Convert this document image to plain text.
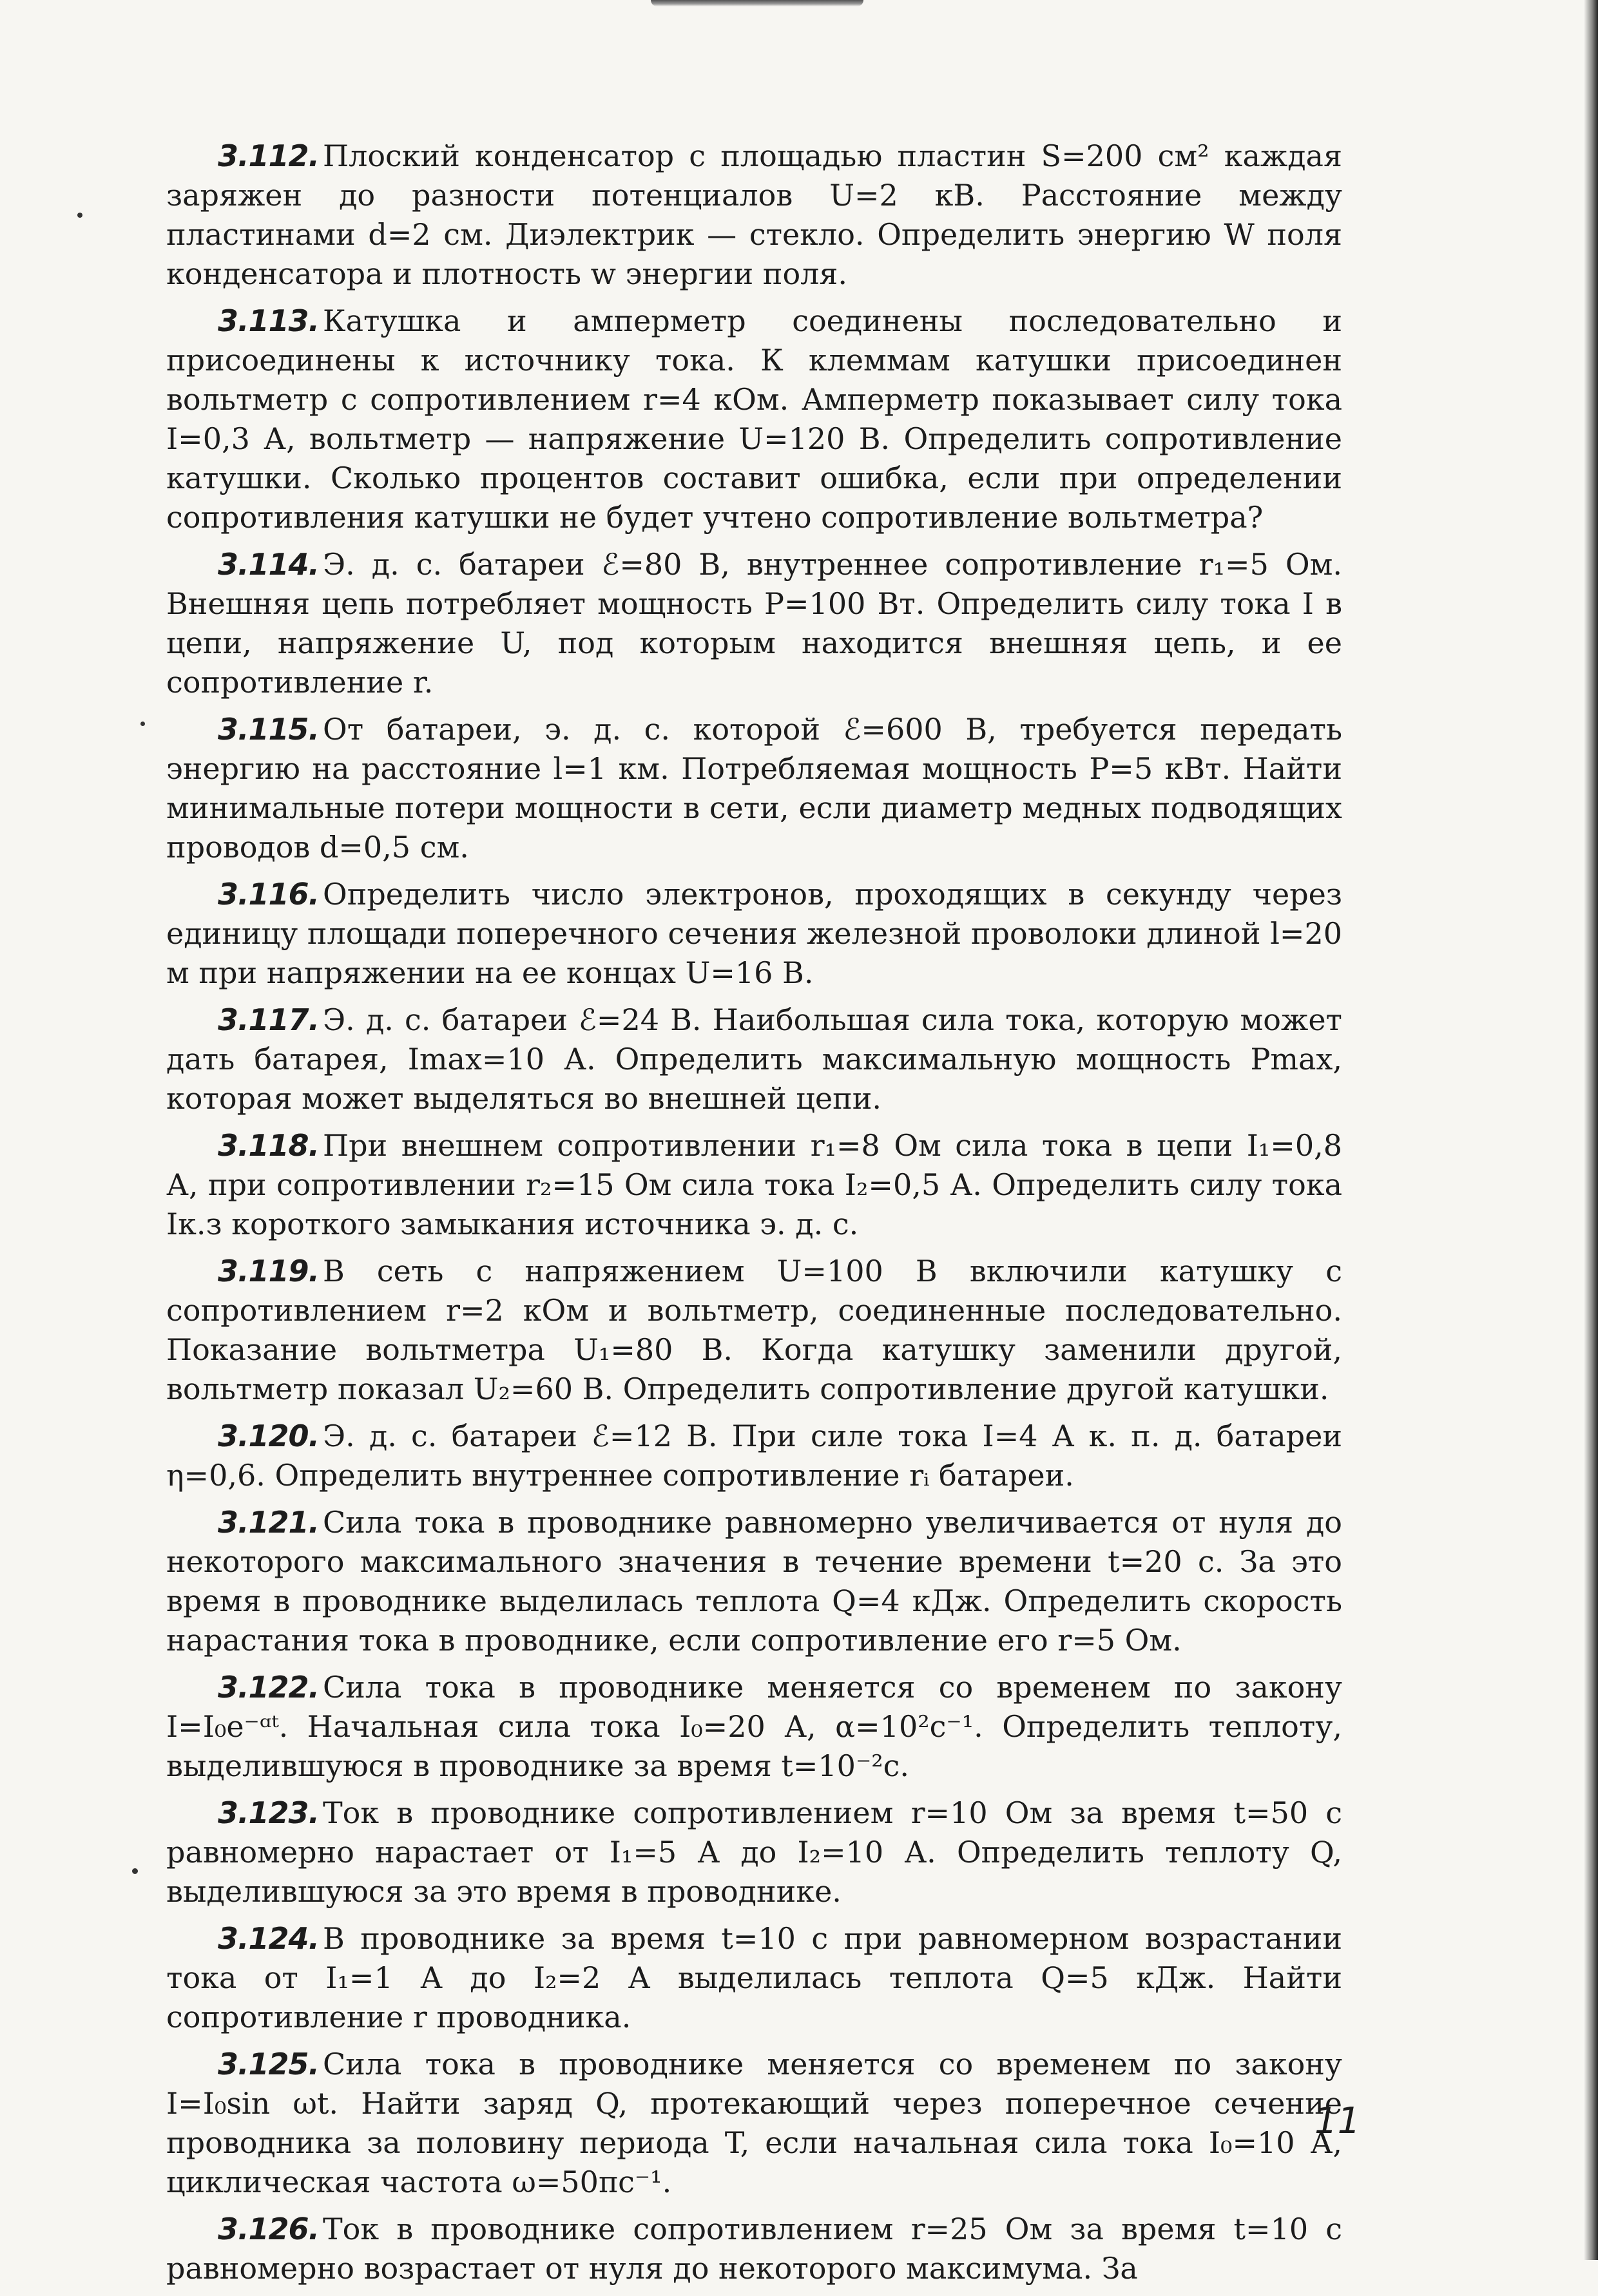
3.112. Плоский конденсатор с площадью пластин S=200 см² каждая заряжен до разности потенциалов U=2 кВ. Расстояние между пластинами d=2 см. Диэлектрик — стекло. Определить энергию W поля конденсатора и плотность w энергии поля.

3.113. Катушка и амперметр соединены последовательно и присоединены к источнику тока. К клеммам катушки присоединен вольтметр с сопротивлением r=4 кОм. Амперметр показывает силу тока I=0,3 А, вольтметр — напряжение U=120 В. Определить сопротивление катушки. Сколько процентов составит ошибка, если при определении сопротивления катушки не будет учтено сопротивление вольтметра?

3.114. Э. д. с. батареи ℰ=80 В, внутреннее сопротивление r₁=5 Ом. Внешняя цепь потребляет мощность P=100 Вт. Определить силу тока I в цепи, напряжение U, под которым находится внешняя цепь, и ее сопротивление r.

3.115. От батареи, э. д. с. которой ℰ=600 В, требуется передать энергию на расстояние l=1 км. Потребляемая мощность P=5 кВт. Найти минимальные потери мощности в сети, если диаметр медных подводящих проводов d=0,5 см.

3.116. Определить число электронов, проходящих в секунду через единицу площади поперечного сечения железной проволоки длиной l=20 м при напряжении на ее концах U=16 В.

3.117. Э. д. с. батареи ℰ=24 В. Наибольшая сила тока, которую может дать батарея, Imax=10 А. Определить максимальную мощность Pmax, которая может выделяться во внешней цепи.

3.118. При внешнем сопротивлении r₁=8 Ом сила тока в цепи I₁=0,8 А, при сопротивлении r₂=15 Ом сила тока I₂=0,5 А. Определить силу тока Iк.з короткого замыкания источника э. д. с.

3.119. В сеть с напряжением U=100 В включили катушку с сопротивлением r=2 кОм и вольтметр, соединенные последовательно. Показание вольтметра U₁=80 В. Когда катушку заменили другой, вольтметр показал U₂=60 В. Определить сопротивление другой катушки.

3.120. Э. д. с. батареи ℰ=12 В. При силе тока I=4 А к. п. д. батареи η=0,6. Определить внутреннее сопротивление rᵢ батареи.

3.121. Сила тока в проводнике равномерно увеличивается от нуля до некоторого максимального значения в течение времени t=20 с. За это время в проводнике выделилась теплота Q=4 кДж. Определить скорость нарастания тока в проводнике, если сопротивление его r=5 Ом.

3.122. Сила тока в проводнике меняется со временем по закону I=I₀e⁻ᵅᵗ. Начальная сила тока I₀=20 А, α=10²с⁻¹. Определить теплоту, выделившуюся в проводнике за время t=10⁻²с.

3.123. Ток в проводнике сопротивлением r=10 Ом за время t=50 с равномерно нарастает от I₁=5 А до I₂=10 А. Определить теплоту Q, выделившуюся за это время в проводнике.

3.124. В проводнике за время t=10 с при равномерном возрастании тока от I₁=1 А до I₂=2 А выделилась теплота Q=5 кДж. Найти сопротивление r проводника.

3.125. Сила тока в проводнике меняется со временем по закону I=I₀sin ωt. Найти заряд Q, протекающий через поперечное сечение проводника за половину периода T, если начальная сила тока I₀=10 А, циклическая частота ω=50πс⁻¹.

3.126. Ток в проводнике сопротивлением r=25 Ом за время t=10 с равномерно возрастает от нуля до некоторого максимума. За

11
